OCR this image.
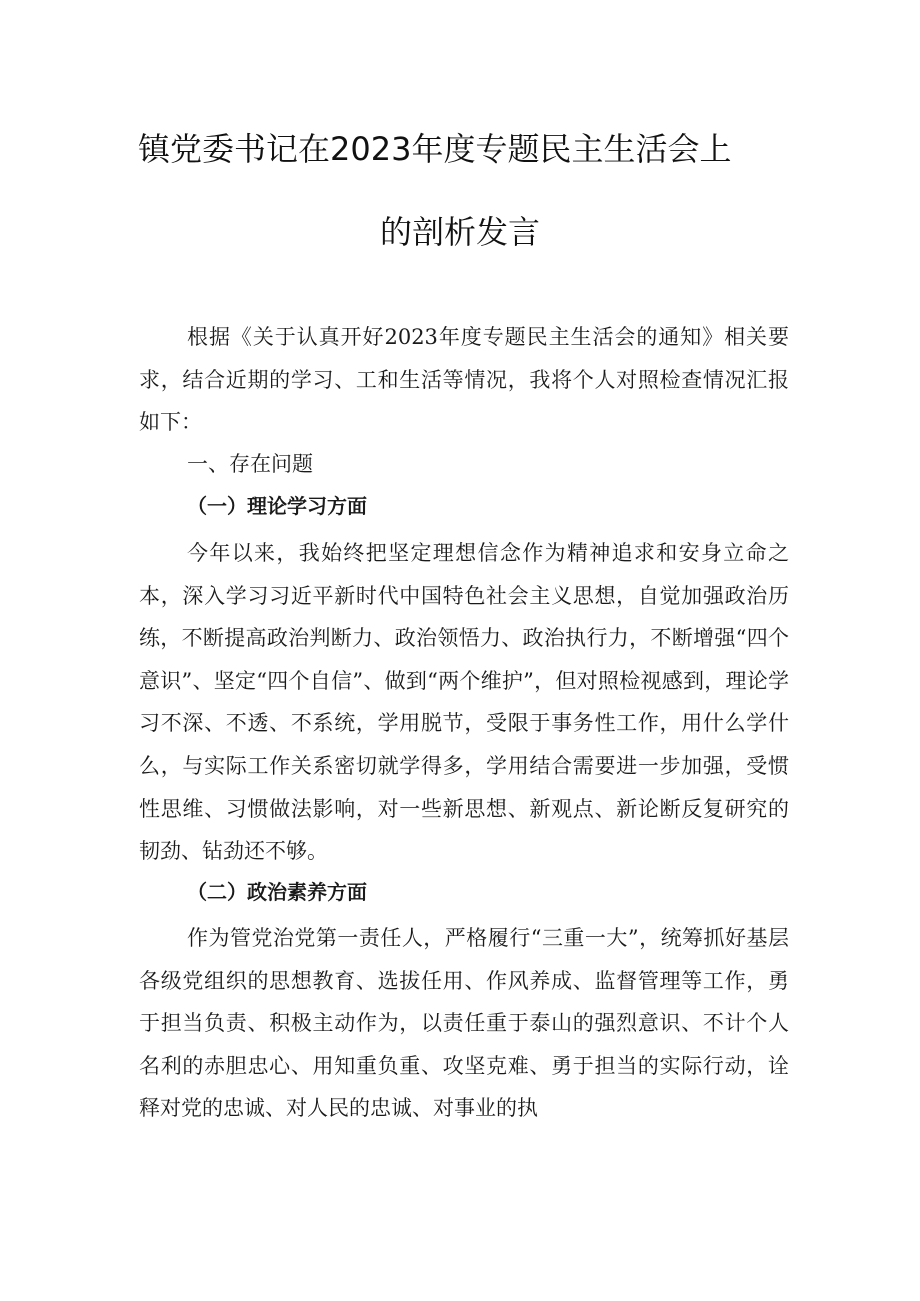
镇党委书记在2023年度专题民主生活会上
的剖析发言

根据《关于认真开好2023年度专题民主生活会的通知》相关要求，结合近期的学习、工和生活等情况，我将个人对照检查情况汇报如下：

一、存在问题
（一）理论学习方面

今年以来，我始终把坚定理想信念作为精神追求和安身立命之本，深入学习习近平新时代中国特色社会主义思想，自觉加强政治历练，不断提高政治判断力、政治领悟力、政治执行力，不断增强“四个意识”、坚定“四个自信”、做到“两个维护”，但对照检视感到，理论学习不深、不透、不系统，学用脱节，受限于事务性工作，用什么学什么，与实际工作关系密切就学得多，学用结合需要进一步加强，受惯性思维、习惯做法影响，对一些新思想、新观点、新论断反复研究的韧劲、钻劲还不够。

（二）政治素养方面

作为管党治党第一责任人，严格履行“三重一大”，统筹抓好基层各级党组织的思想教育、选拔任用、作风养成、监督管理等工作，勇于担当负责、积极主动作为，以责任重于泰山的强烈意识、不计个人名利的赤胆忠心、用知重负重、攻坚克难、勇于担当的实际行动，诠释对党的忠诚、对人民的忠诚、对事业的执
